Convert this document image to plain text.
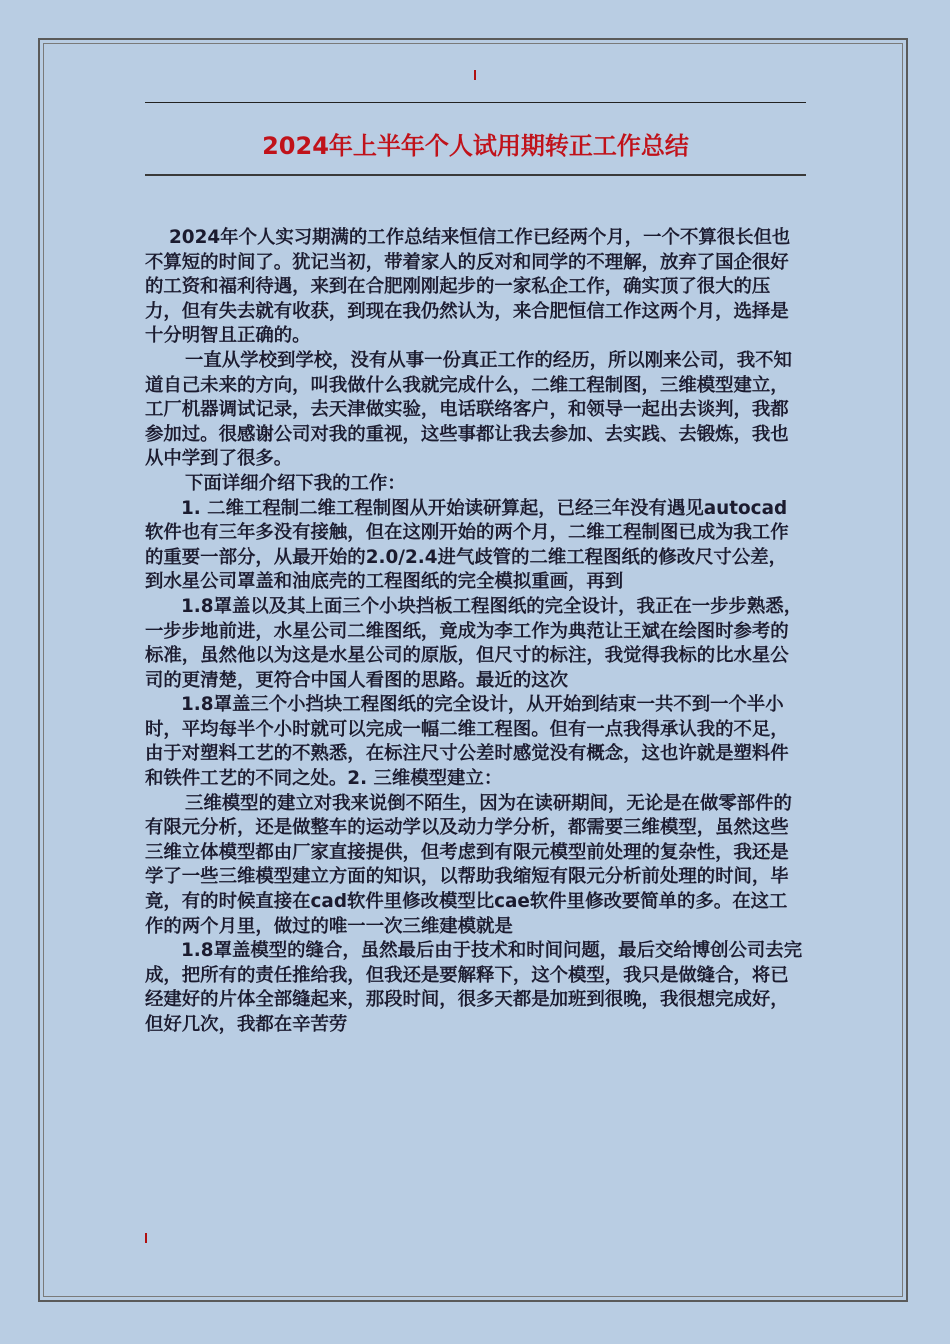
2024年上半年个人试用期转正工作总结

2024年个人实习期满的工作总结来恒信工作已经两个月，一个不算很长但也不算短的时间了。犹记当初，带着家人的反对和同学的不理解，放弃了国企很好的工资和福利待遇，来到在合肥刚刚起步的一家私企工作，确实顶了很大的压力，但有失去就有收获，到现在我仍然认为，来合肥恒信工作这两个月，选择是十分明智且正确的。

一直从学校到学校，没有从事一份真正工作的经历，所以刚来公司，我不知道自己未来的方向，叫我做什么我就完成什么，二维工程制图，三维模型建立，工厂机器调试记录，去天津做实验，电话联络客户，和领导一起出去谈判，我都参加过。很感谢公司对我的重视，这些事都让我去参加、去实践、去锻炼，我也从中学到了很多。

下面详细介绍下我的工作：

1. 二维工程制二维工程制图从开始读研算起，已经三年没有遇见autocad软件也有三年多没有接触，但在这刚开始的两个月，二维工程制图已成为我工作的重要一部分，从最开始的2.0/2.4进气歧管的二维工程图纸的修改尺寸公差，到水星公司罩盖和油底壳的工程图纸的完全模拟重画，再到

1.8罩盖以及其上面三个小块挡板工程图纸的完全设计，我正在一步步熟悉，一步步地前进，水星公司二维图纸，竟成为李工作为典范让王斌在绘图时参考的标准，虽然他以为这是水星公司的原版，但尺寸的标注，我觉得我标的比水星公司的更清楚，更符合中国人看图的思路。最近的这次

1.8罩盖三个小挡块工程图纸的完全设计，从开始到结束一共不到一个半小时，平均每半个小时就可以完成一幅二维工程图。但有一点我得承认我的不足，由于对塑料工艺的不熟悉，在标注尺寸公差时感觉没有概念，这也许就是塑料件和铁件工艺的不同之处。2. 三维模型建立：

三维模型的建立对我来说倒不陌生，因为在读研期间，无论是在做零部件的有限元分析，还是做整车的运动学以及动力学分析，都需要三维模型，虽然这些三维立体模型都由厂家直接提供，但考虑到有限元模型前处理的复杂性，我还是学了一些三维模型建立方面的知识，以帮助我缩短有限元分析前处理的时间，毕竟，有的时候直接在cad软件里修改模型比cae软件里修改要简单的多。在这工作的两个月里，做过的唯一一次三维建模就是

1.8罩盖模型的缝合，虽然最后由于技术和时间问题，最后交给博创公司去完成，把所有的责任推给我，但我还是要解释下，这个模型，我只是做缝合，将已经建好的片体全部缝起来，那段时间，很多天都是加班到很晚，我很想完成好，但好几次，我都在辛苦劳
